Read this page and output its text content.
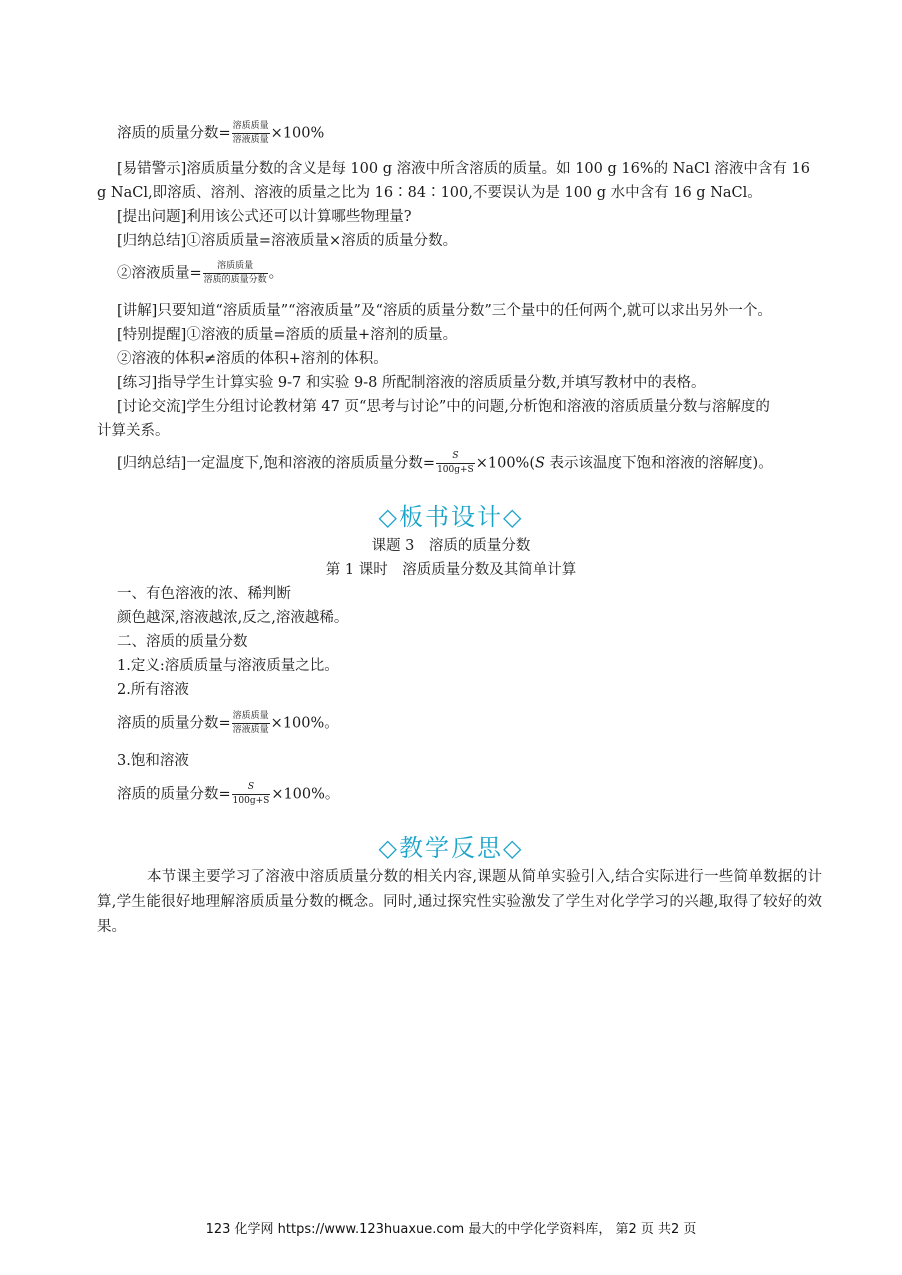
溶质的质量分数= $\frac{\text{溶质质量}}{\text{溶液质量}} \times 100\%$
[易错警示]溶质质量分数的含义是每 100 g 溶液中所含溶质的质量。如 100 g 16%的 NaCl 溶液中含有 16
g NaCl,即溶质、溶剂、溶液的质量之比为 16∶84∶100,不要误认为是 100 g 水中含有 16 g NaCl。
[提出问题]利用该公式还可以计算哪些物理量?
[归纳总结]①溶质质量=溶液质量×溶质的质量分数。
②溶液质量= $\frac{\text{溶质质量}}{\text{溶质的质量分数}}$ 。
[讲解]只要知道“溶质质量”“溶液质量”及“溶质的质量分数”三个量中的任何两个,就可以求出另外一个。
[特别提醒]①溶液的质量=溶质的质量+溶剂的质量。
②溶液的体积≠溶质的体积+溶剂的体积。
[练习]指导学生计算实验 9-7 和实验 9-8 所配制溶液的溶质质量分数,并填写教材中的表格。
[讨论交流]学生分组讨论教材第 47 页“思考与讨论”中的问题,分析饱和溶液的溶质质量分数与溶解度的
计算关系。
[归纳总结]一定温度下,饱和溶液的溶质质量分数= $\frac{S}{100g+S} \times 100\%(S$ 表示该温度下饱和溶液的溶解度)。
◇板书设计◇
课题 3　溶质的质量分数
第 1 课时　溶质质量分数及其简单计算
一、有色溶液的浓、稀判断
颜色越深,溶液越浓,反之,溶液越稀。
二、溶质的质量分数
1.定义:溶质质量与溶液质量之比。
2.所有溶液
溶质的质量分数= $\frac{\text{溶质质量}}{\text{溶液质量}} \times 100\%$。
3.饱和溶液
溶质的质量分数= $\frac{S}{100g+S} \times 100\%$。
◇教学反思◇
本节课主要学习了溶液中溶质质量分数的相关内容,课题从简单实验引入,结合实际进行一些简单数据的计算,学生能很好地理解溶质质量分数的概念。同时,通过探究性实验激发了学生对化学学习的兴趣,取得了较好的效果。
123 化学网 https://www.123huaxue.com 最大的中学化学资料库， 第2 页 共2 页
